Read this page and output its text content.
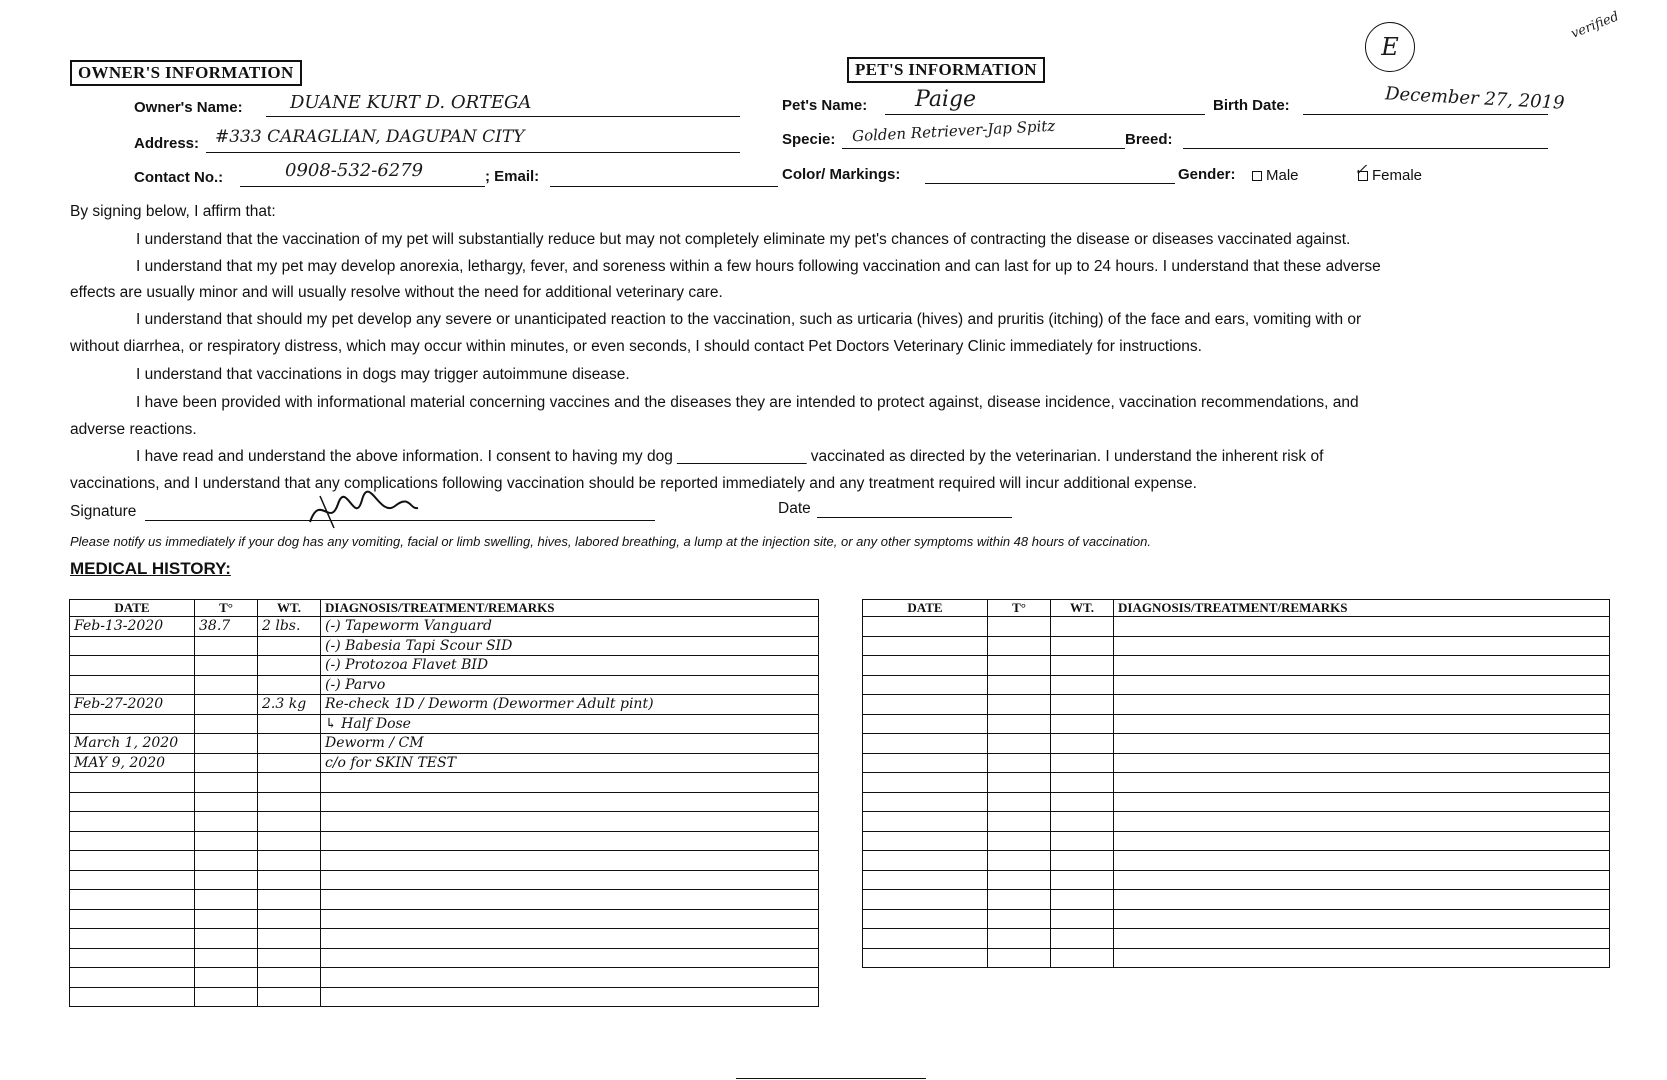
OWNER'S INFORMATION	PET'S INFORMATION
E
verified
Owner's Name:	DUANE KURT D. ORTEGA
Address: #333 CARAGLIAN, DAGUPAN CITY
Contact No.:	0908-532-6279	; Email:
Pet's Name: Paige	Birth Date:	December 27, 2019
Specie: Golden Retriever-Jap Spitz	Breed:
Color/ Markings:	Gender:	Male	Female
✓
By signing below, I affirm that:
I understand that the vaccination of my pet will substantially reduce but may not completely eliminate my pet's chances of contracting the disease or diseases vaccinated against.
I understand that my pet may develop anorexia, lethargy, fever, and soreness within a few hours following vaccination and can last for up to 24 hours. I understand that these adverse
effects are usually minor and will usually resolve without the need for additional veterinary care.
I understand that should my pet develop any severe or unanticipated reaction to the vaccination, such as urticaria (hives) and pruritis (itching) of the face and ears, vomiting with or
without diarrhea, or respiratory distress, which may occur within minutes, or even seconds, I should contact Pet Doctors Veterinary Clinic immediately for instructions.
I understand that vaccinations in dogs may trigger autoimmune disease.
I have been provided with informational material concerning vaccines and the diseases they are intended to protect against, disease incidence, vaccination recommendations, and
adverse reactions.
I have read and understand the above information. I consent to having my dog _______________ vaccinated as directed by the veterinarian. I understand the inherent risk of
vaccinations, and I understand that any complications following vaccination should be reported immediately and any treatment required will incur additional expense.
Signature	Date
Please notify us immediately if your dog has any vomiting, facial or limb swelling, hives, labored breathing, a lump at the injection site, or any other symptoms within 48 hours of vaccination.
MEDICAL HISTORY:
DATE	T°	WT.	DIAGNOSIS/TREATMENT/REMARKS
Feb-13-2020	38.7	2 lbs.	(-) Tapeworm Vanguard
			(-) Babesia Tapi Scour SID
			(-) Protozoa Flavet BID
			(-) Parvo
Feb-27-2020		2.3 kg	Re-check 1D / Deworm (Dewormer Adult pint)
			↳ Half Dose
March 1, 2020			Deworm / CM
MAY 9, 2020			c/o for SKIN TEST

DATE	T°	WT.	DIAGNOSIS/TREATMENT/REMARKS
